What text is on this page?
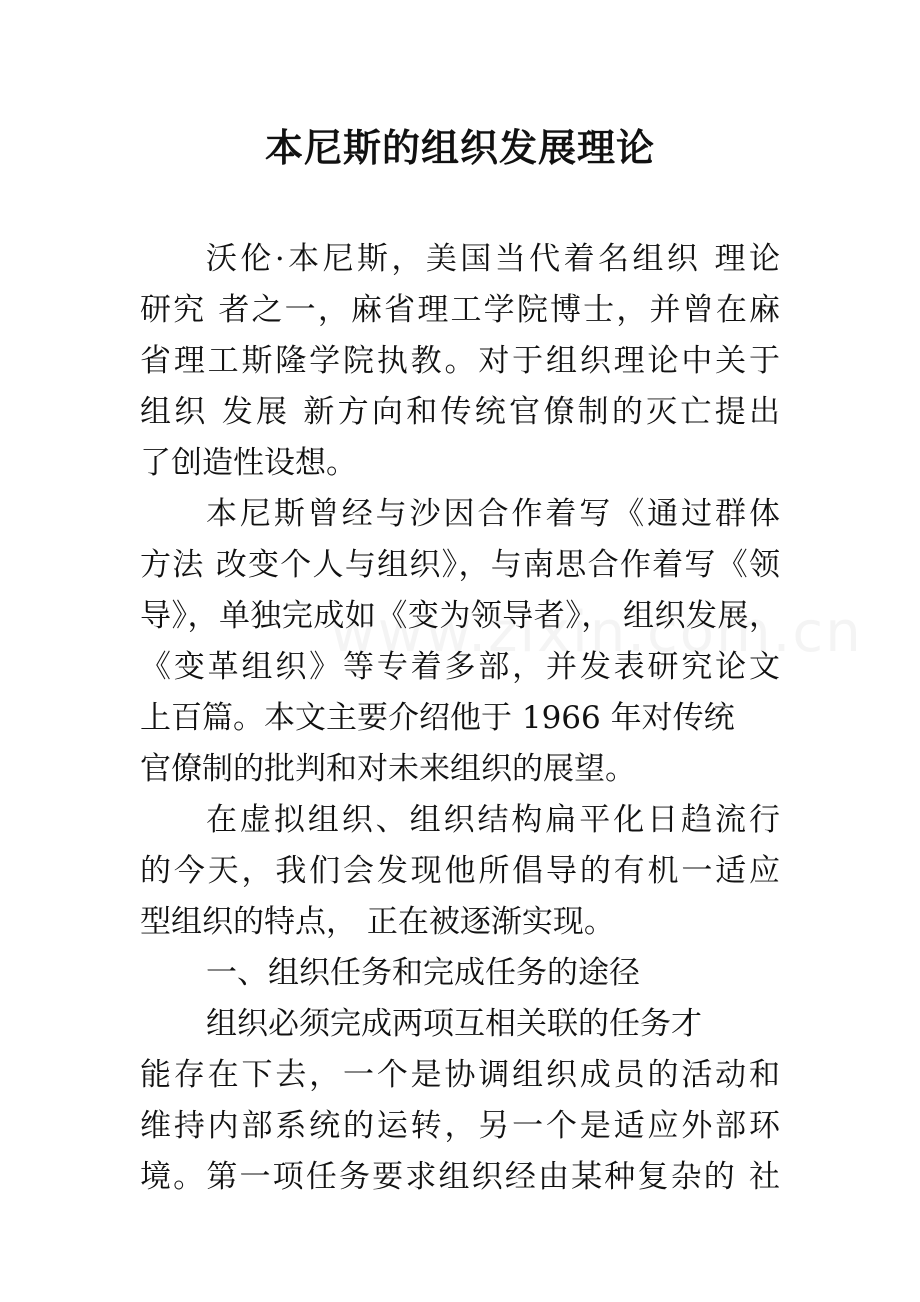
本尼斯的组织发展理论
沃伦·本尼斯，美国当代着名组织 理论
研究 者之一，麻省理工学院博士，并曾在麻
省理工斯隆学院执教。对于组织理论中关于
组织 发展 新方向和传统官僚制的灭亡提出
了创造性设想。
本尼斯曾经与沙因合作着写《通过群体
方法 改变个人与组织》，与南思合作着写《领
导》，单独完成如《变为领导者》， 组织发展，
《变革组织》等专着多部，并发表研究论文
上百篇。本文主要介绍他于 1966 年对传统
官僚制的批判和对未来组织的展望。
在虚拟组织、组织结构扁平化日趋流行
的今天，我们会发现他所倡导的有机一适应
型组织的特点， 正在被逐渐实现。
一、组织任务和完成任务的途径
组织必须完成两项互相关联的任务才
能存在下去，一个是协调组织成员的活动和
维持内部系统的运转，另一个是适应外部环
境。第一项任务要求组织经由某种复杂的 社
